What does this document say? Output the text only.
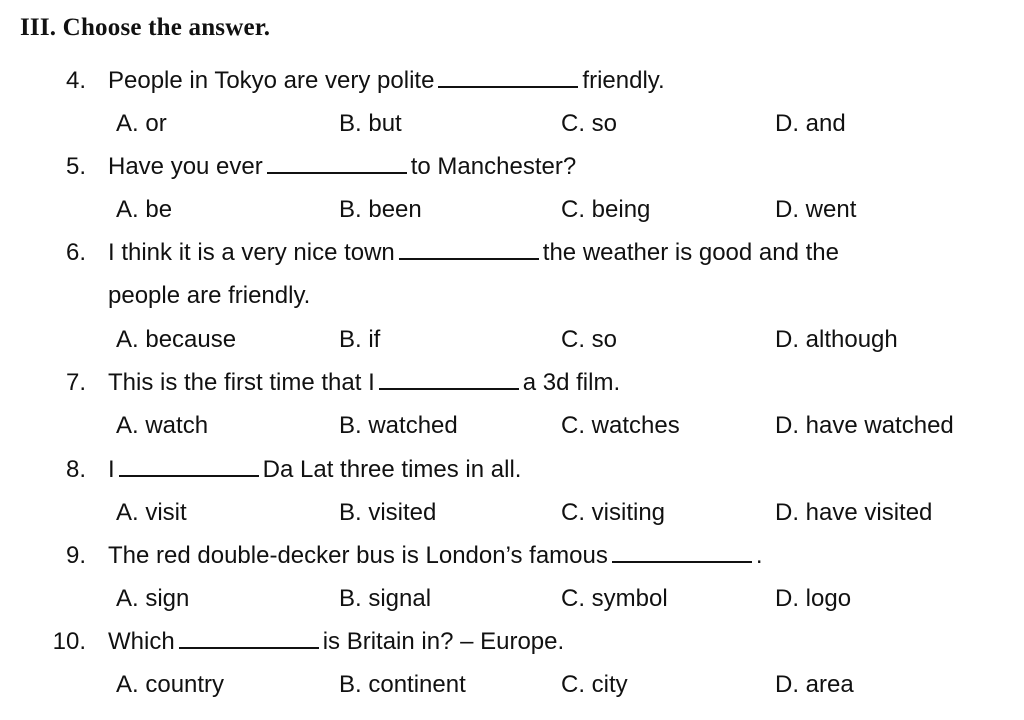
III. Choose the answer.
4. People in Tokyo are very polite	friendly.
A. or	B. but	C. so	D. and
5. Have you ever	to Manchester?
A. be	B. been	C. being	D. went
6. I think it is a very nice town	the weather is good and the
people are friendly.
A. because	B. if	C. so	D. although
7. This is the first time that I	a 3d film.
A. watch	B. watched	C. watches	D. have watched
8. I	Da Lat three times in all.
A. visit	B. visited	C. visiting	D. have visited
9. The red double-decker bus is London’s famous	.
A. sign	B. signal	C. symbol	D. logo
10. Which	is Britain in? – Europe.
A. country	B. continent	C. city	D. area
